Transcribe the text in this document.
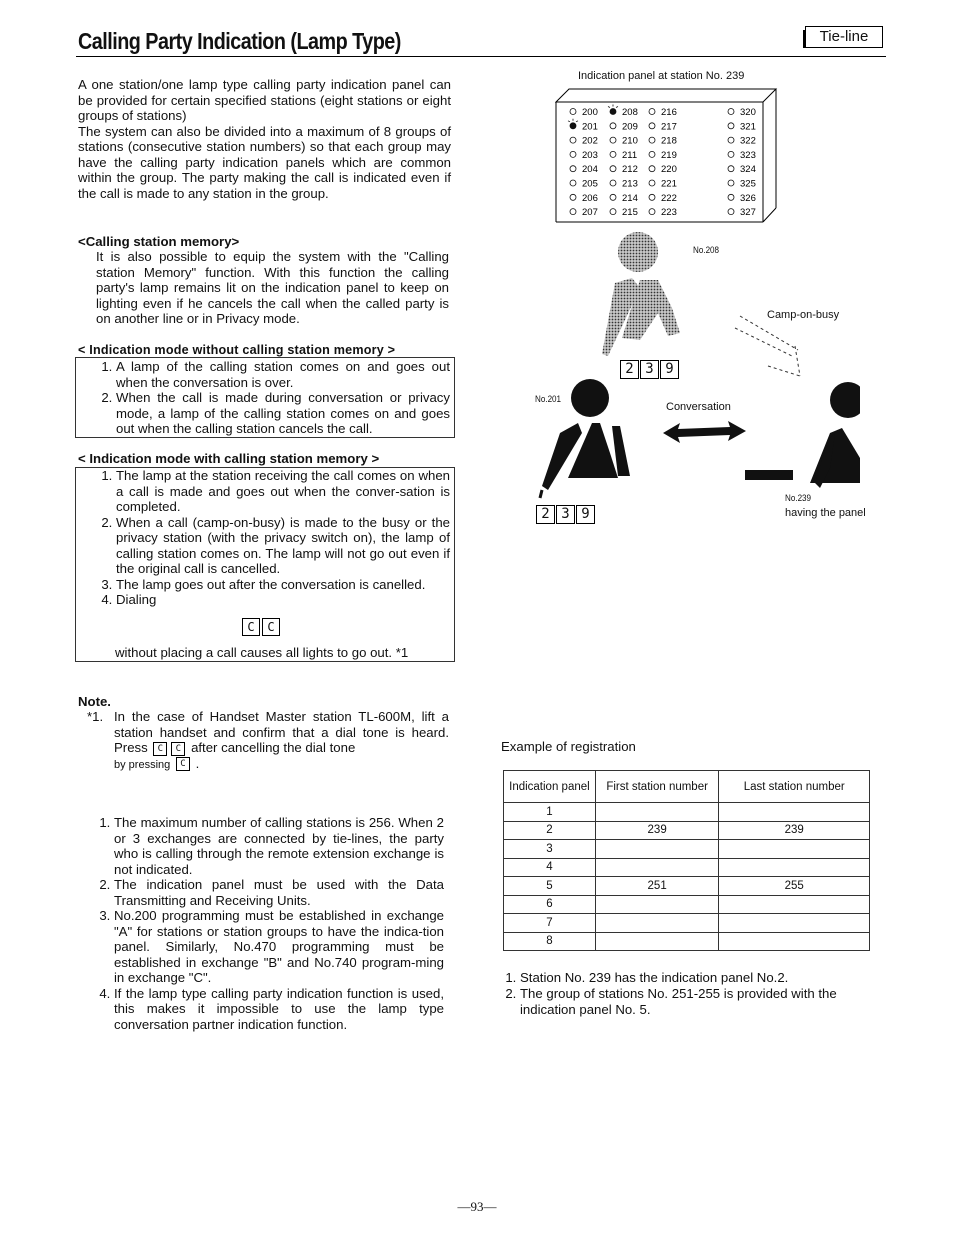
Calling Party Indication (Lamp Type)	Tie-line

A one station/one lamp type calling party indication panel can be provided for certain specified stations (eight stations or eight groups of stations)

The system can also be divided into a maximum of 8 groups of stations (consecutive station numbers) so that each group may have the calling party indication panels which are common within the group. The party making the call is indicated even if the call is made to any station in the group.

<Calling station memory>
It is also possible to equip the system with the "Calling station Memory" function. With this function the calling party's lamp remains lit on the indication panel to keep on lighting even if he cancels the call when the called party is on another line or in Privacy mode.
< Indication mode without calling station memory >
1. A lamp of the calling station comes on and goes out when the conversation is over.
2. When the call is made during conversation or privacy mode, a lamp of the calling station comes on and goes out when the calling station cancels the call.
< Indication mode with calling station memory >
1. The lamp at the station receiving the call comes on when a call is made and goes out when the conver-sation is completed.
2. When a call (camp-on-busy) is made to the busy or the privacy station (with the privacy switch on), the lamp of calling station comes on. The lamp will not go out even if the original call is cancelled.
3. The lamp goes out after the conversation is canelled.
4. Dialing
C C
without placing a call causes all lights to go out. *1
Note.
*1. In the case of Handset Master station TL-600M, lift a station handset and confirm that a dial tone is heard. Press C C after cancelling the dial tone
by pressing C .
1. The maximum number of calling stations is 256. When 2 or 3 exchanges are connected by tie-lines, the party who is calling through the remote extension exchange is not indicated.
2. The indication panel must be used with the Data Transmitting and Receiving Units.
3. No.200 programming must be established in exchange "A" for stations or station groups to have the indica-tion panel. Similarly, No.470 programming must be established in exchange "B" and No.740 program-ming in exchange "C".
4. If the lamp type calling party indication function is used, this makes it impossible to use the lamp type conversation partner indication function.
Indication panel at station No. 239
200
201
202
203
204
205
206
207
208
209
210
211
212
213
214
215
216
217
218
219
220
221
222
223
320
321
322
323
324
325
326
327
No.208
Camp-on-busy
No.201
Conversation
No.239
having the panel
2 3 9
2 3 9
Example of registration
Indication panel	First station number	Last station number
1		
2	239	239
3		
4		
5	251	255
6		
7		
8		
1. Station No. 239 has the indication panel No.2.
2. The group of stations No. 251-255 is provided with the indication panel No. 5.
—93—
